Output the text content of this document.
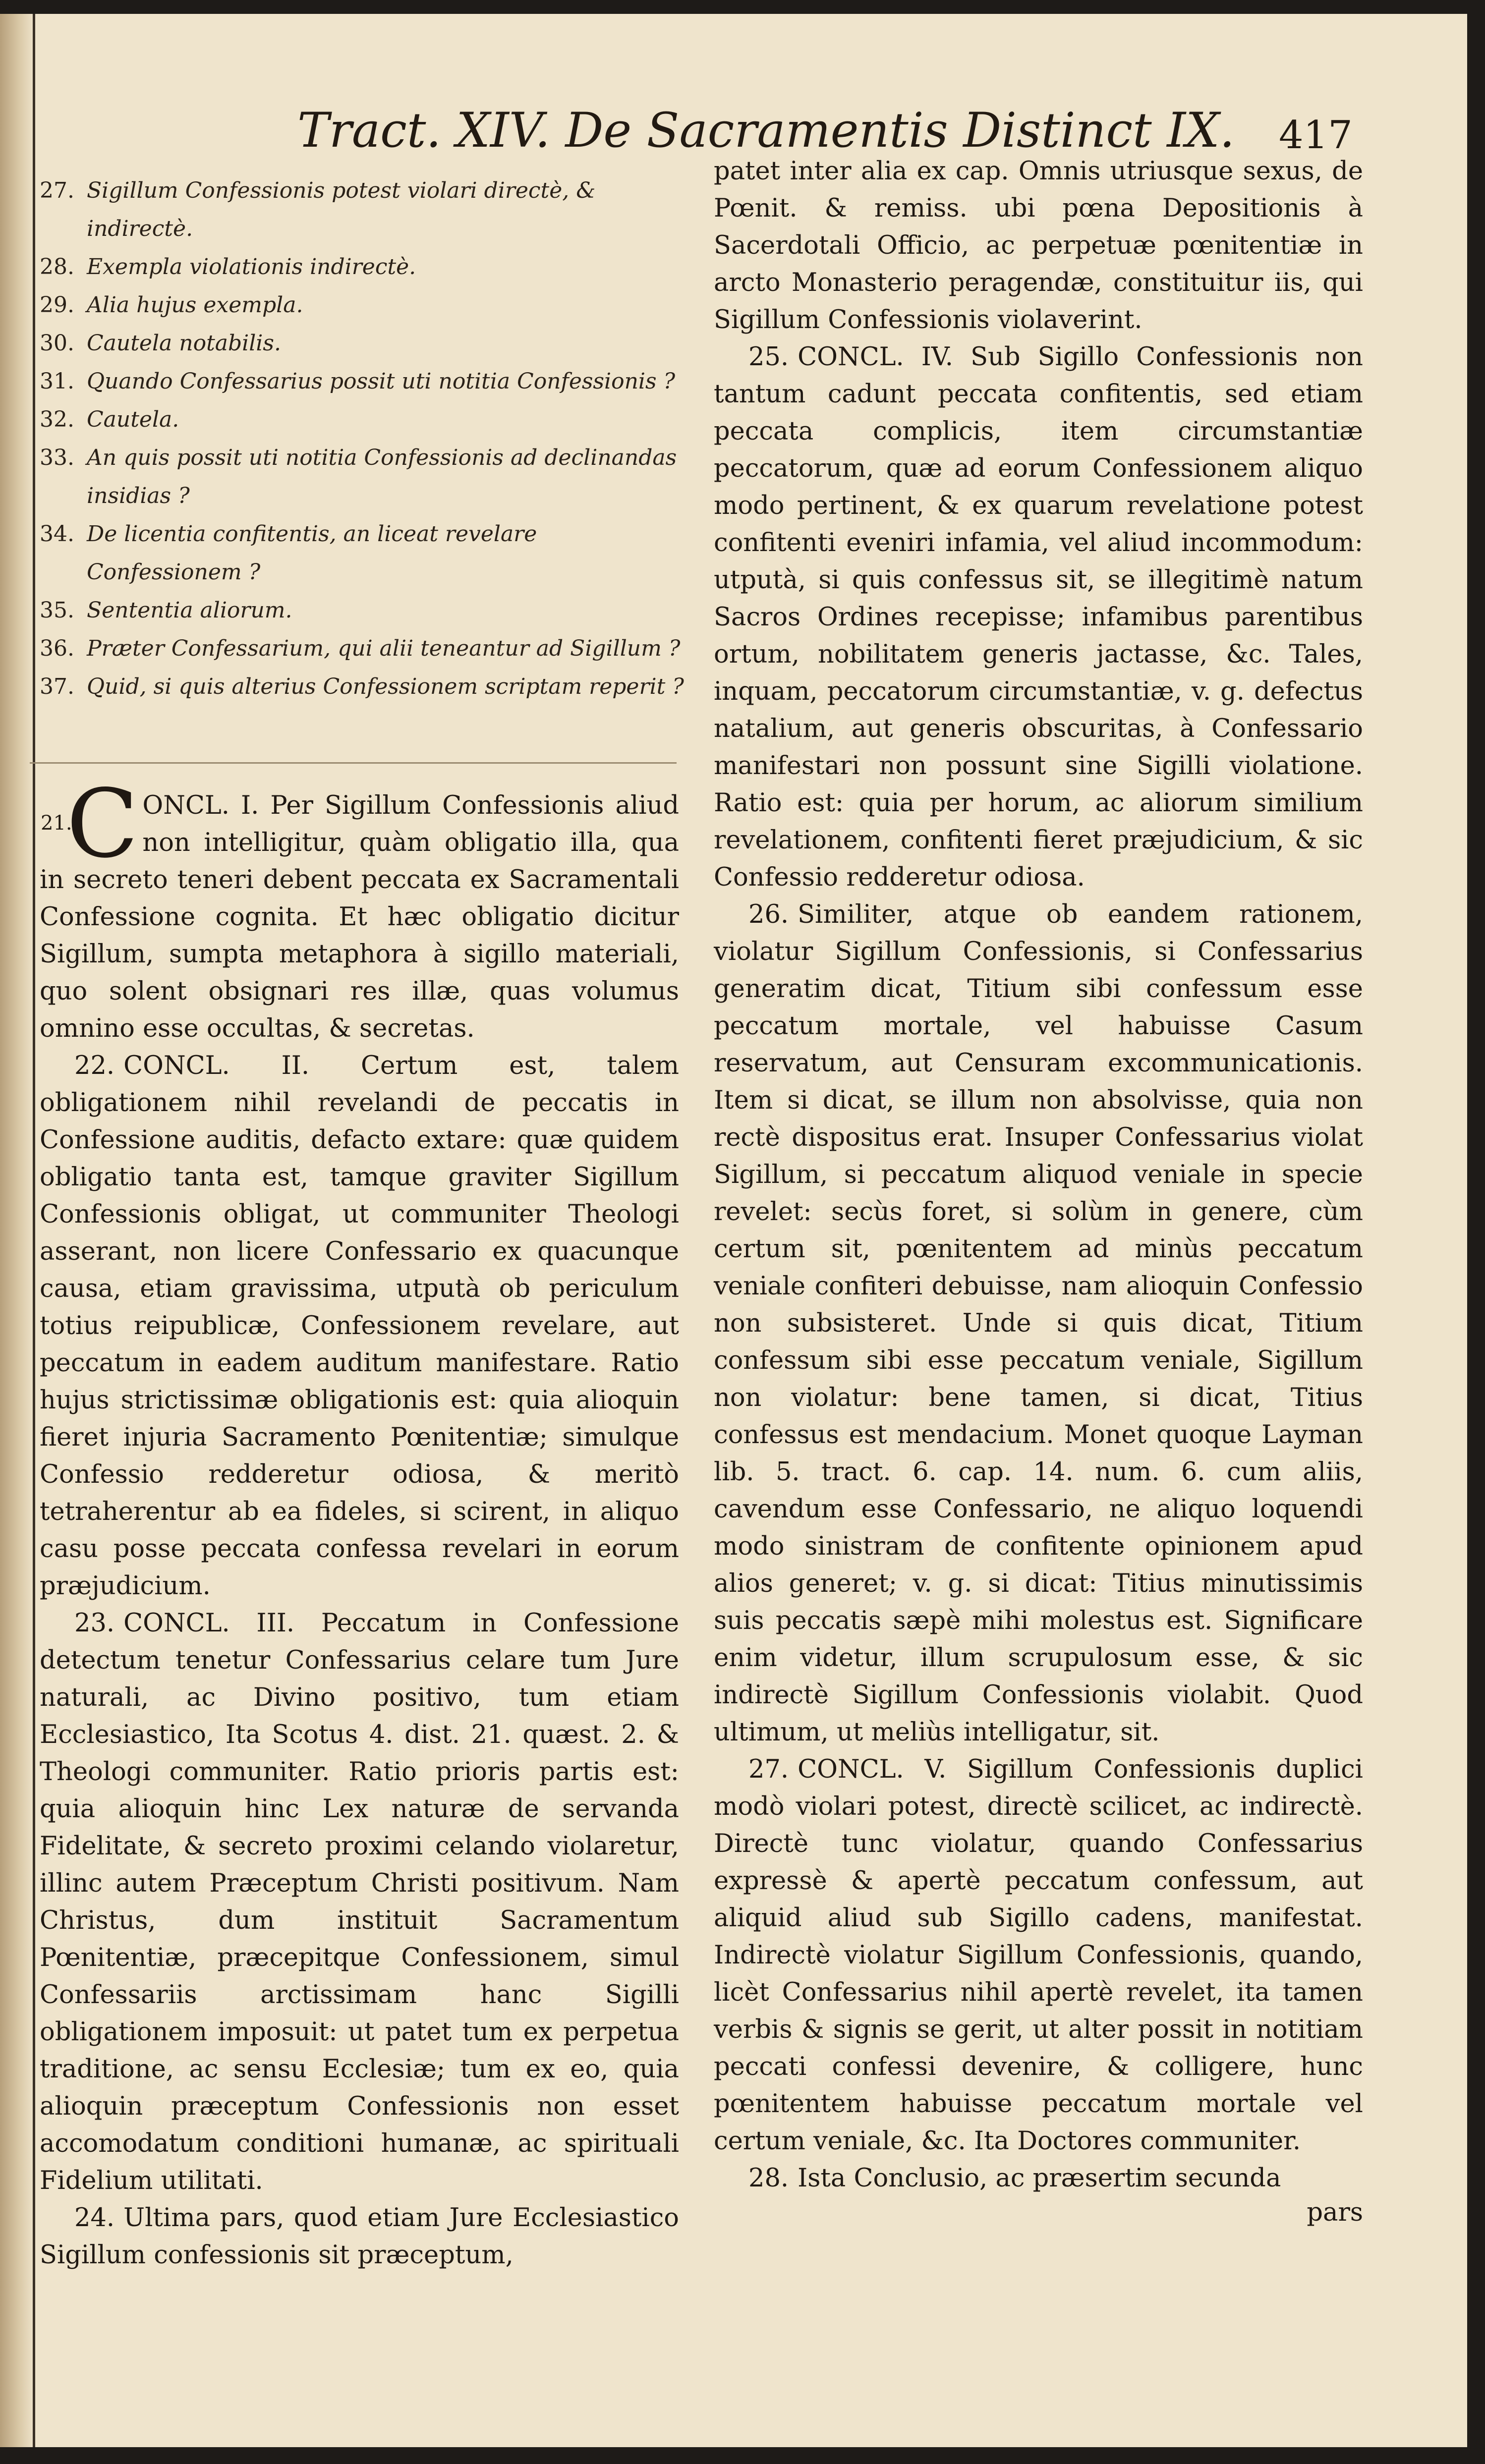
Tract. XIV. De Sacramentis Distinct IX. 417
27. Sigillum Confessionis potest violari directè, & indirectè.
28. Exempla violationis indirectè.
29. Alia hujus exempla.
30. Cautela notabilis.
31. Quando Confessarius possit uti notitia Confessionis ?
32. Cautela.
33. An quis possit uti notitia Confessionis ad declinandas insidias ?
34. De licentia confitentis, an liceat revelare Confessionem ?
35. Sententia aliorum.
36. Præter Confessarium, qui alii teneantur ad Sigillum ?
37. Quid, si quis alterius Confessionem scriptam reperit ?
21.

CONCL. I. Per Sigillum Confessionis aliud non intelligitur, quàm obligatio illa, qua in secreto teneri debent peccata ex Sacramentali Confessione cognita. Et hæc obligatio dicitur Sigillum, sumpta metaphora à sigillo materiali, quo solent obsignari res illæ, quas volumus omnino esse occultas, & secretas.

22. CONCL. II. Certum est, talem obligationem nihil revelandi de peccatis in Confessione auditis, defacto extare: quæ quidem obligatio tanta est, tamque graviter Sigillum Confessionis obligat, ut communiter Theologi asserant, non licere Confessario ex quacunque causa, etiam gravissima, utputà ob periculum totius reipublicæ, Confessionem revelare, aut peccatum in eadem auditum manifestare. Ratio hujus strictissimæ obligationis est: quia alioquin fieret injuria Sacramento Pœnitentiæ; simulque Confessio redderetur odiosa, & meritò tetraherentur ab ea fideles, si scirent, in aliquo casu posse peccata confessa revelari in eorum præjudicium.

23. CONCL. III. Peccatum in Confessione detectum tenetur Confessarius celare tum Jure naturali, ac Divino positivo, tum etiam Ecclesiastico, Ita Scotus 4. dist. 21. quæst. 2. & Theologi communiter. Ratio prioris partis est: quia alioquin hinc Lex naturæ de servanda Fidelitate, & secreto proximi celando violaretur, illinc autem Præceptum Christi positivum. Nam Christus, dum instituit Sacramentum Pœnitentiæ, præcepitque Confessionem, simul Confessariis arctissimam hanc Sigilli obligationem imposuit: ut patet tum ex perpetua traditione, ac sensu Ecclesiæ; tum ex eo, quia alioquin præceptum Confessionis non esset accomodatum conditioni humanæ, ac spirituali Fidelium utilitati.

24. Ultima pars, quod etiam Jure Ecclesiastico Sigillum confessionis sit præceptum,

patet inter alia ex cap. Omnis utriusque sexus, de Pœnit. & remiss. ubi pœna Depositionis à Sacerdotali Officio, ac perpetuæ pœnitentiæ in arcto Monasterio peragendæ, constituitur iis, qui Sigillum Confessionis violaverint.

25. CONCL. IV. Sub Sigillo Confessionis non tantum cadunt peccata confitentis, sed etiam peccata complicis, item circumstantiæ peccatorum, quæ ad eorum Confessionem aliquo modo pertinent, & ex quarum revelatione potest confitenti eveniri infamia, vel aliud incommodum: utputà, si quis confessus sit, se illegitimè natum Sacros Ordines recepisse; infamibus parentibus ortum, nobilitatem generis jactasse, &c. Tales, inquam, peccatorum circumstantiæ, v. g. defectus natalium, aut generis obscuritas, à Confessario manifestari non possunt sine Sigilli violatione. Ratio est: quia per horum, ac aliorum similium revelationem, confitenti fieret præjudicium, & sic Confessio redderetur odiosa.

26. Similiter, atque ob eandem rationem, violatur Sigillum Confessionis, si Confessarius generatim dicat, Titium sibi confessum esse peccatum mortale, vel habuisse Casum reservatum, aut Censuram excommunicationis. Item si dicat, se illum non absolvisse, quia non rectè dispositus erat. Insuper Confessarius violat Sigillum, si peccatum aliquod veniale in specie revelet: secùs foret, si solùm in genere, cùm certum sit, pœnitentem ad minùs peccatum veniale confiteri debuisse, nam alioquin Confessio non subsisteret. Unde si quis dicat, Titium confessum sibi esse peccatum veniale, Sigillum non violatur: bene tamen, si dicat, Titius confessus est mendacium. Monet quoque Layman lib. 5. tract. 6. cap. 14. num. 6. cum aliis, cavendum esse Confessario, ne aliquo loquendi modo sinistram de confitente opinionem apud alios generet; v. g. si dicat: Titius minutissimis suis peccatis sæpè mihi molestus est. Significare enim videtur, illum scrupulosum esse, & sic indirectè Sigillum Confessionis violabit. Quod ultimum, ut meliùs intelligatur, sit.

27. CONCL. V. Sigillum Confessionis duplici modò violari potest, directè scilicet, ac indirectè. Directè tunc violatur, quando Confessarius expressè & apertè peccatum confessum, aut aliquid aliud sub Sigillo cadens, manifestat. Indirectè violatur Sigillum Confessionis, quando, licèt Confessarius nihil apertè revelet, ita tamen verbis & signis se gerit, ut alter possit in notitiam peccati confessi devenire, & colligere, hunc pœnitentem habuisse peccatum mortale vel certum veniale, &c. Ita Doctores communiter.

28. Ista Conclusio, ac præsertim secunda

pars
